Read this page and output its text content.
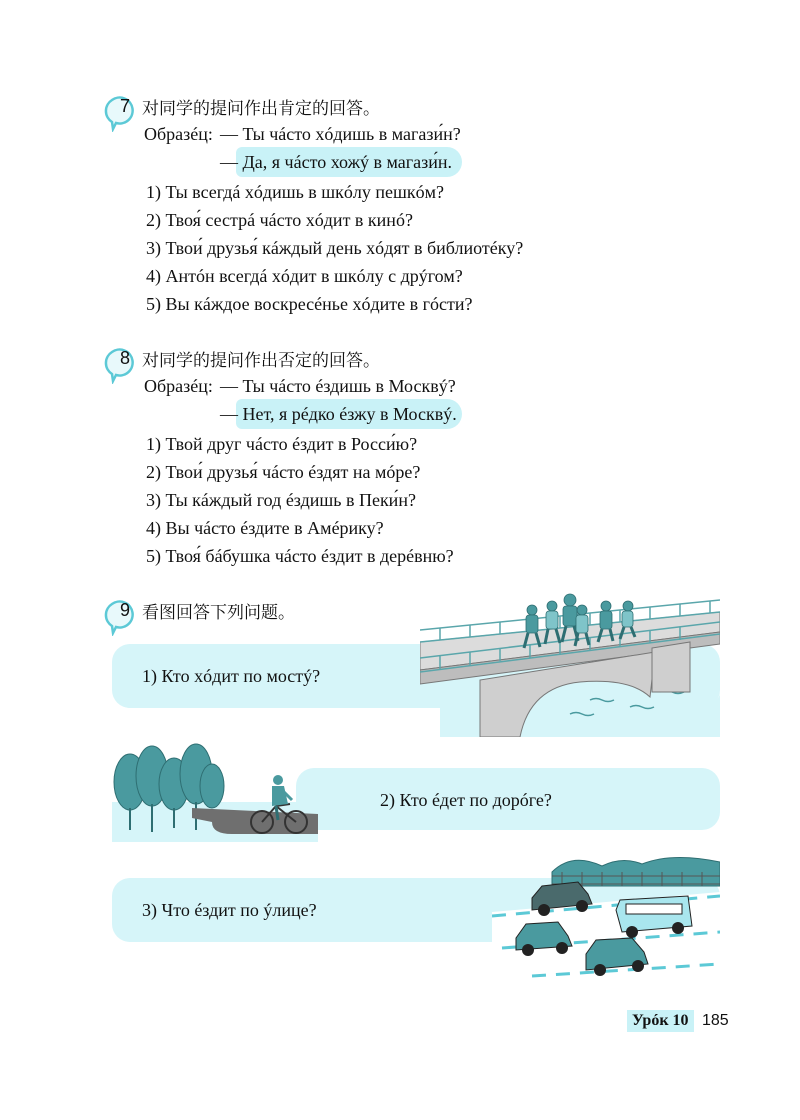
7 对同学的提问作出肯定的回答。
Образéц: — Ты чáсто хóдишь в магази́н?
— Да, я чáсто хожý в магази́н.
1) Ты всегдá хóдишь в шкóлу пешкóм?
2) Твоя́ сестрá чáсто хóдит в кинó?
3) Твои́ друзья́ кáждый день хóдят в библиотéку?
4) Антóн всегдá хóдит в шкóлу с дрýгом?
5) Вы кáждое воскресéнье хóдите в гóсти?
8 对同学的提问作出否定的回答。
Образéц: — Ты чáсто éздишь в Москвý?
— Нет, я рéдко éзжу в Москвý.
1) Твой друг чáсто éздит в Росси́ю?
2) Твои́ друзья́ чáсто éздят на мóре?
3) Ты кáждый год éздишь в Пеки́н?
4) Вы чáсто éздите в Амéрику?
5) Твоя́ бáбушка чáсто éздит в дерéвню?
9 看图回答下列问题。
1) Ктo хóдит по мостý?
2) Кто éдет по дорóге?
3) Что éздит по ýлице?
Урóк 10 185
